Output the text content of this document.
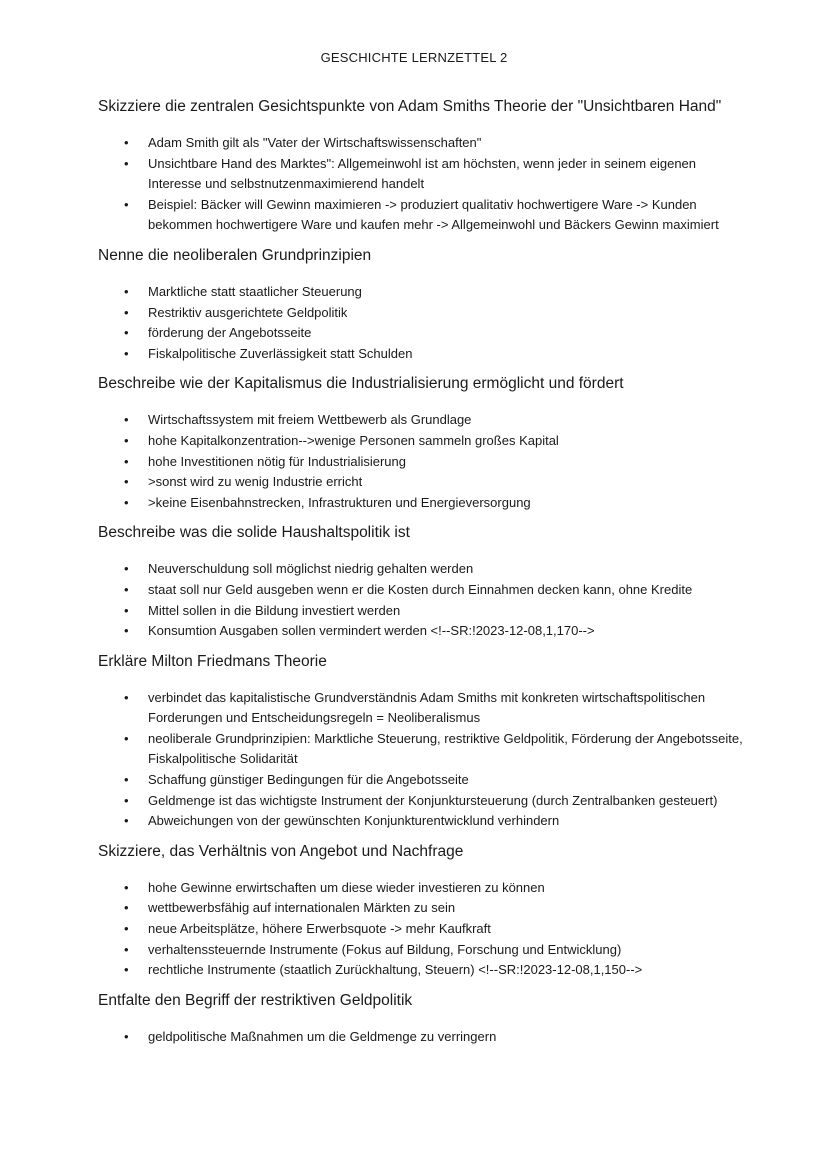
GESCHICHTE LERNZETTEL 2
Skizziere die zentralen Gesichtspunkte von Adam Smiths Theorie der "Unsichtbaren Hand"
• Adam Smith gilt als "Vater der Wirtschaftswissenschaften"
• Unsichtbare Hand des Marktes": Allgemeinwohl ist am höchsten, wenn jeder in seinem eigenen Interesse und selbstnutzenmaximierend handelt
• Beispiel: Bäcker will Gewinn maximieren -> produziert qualitativ hochwertigere Ware -> Kunden bekommen hochwertigere Ware und kaufen mehr -> Allgemeinwohl und Bäckers Gewinn maximiert
Nenne die neoliberalen Grundprinzipien
• Marktliche statt staatlicher Steuerung
• Restriktiv ausgerichtete Geldpolitik
• förderung der Angebotsseite
• Fiskalpolitische Zuverlässigkeit statt Schulden
Beschreibe wie der Kapitalismus die Industrialisierung ermöglicht und fördert
• Wirtschaftssystem mit freiem Wettbewerb als Grundlage
• hohe Kapitalkonzentration-->wenige Personen sammeln großes Kapital
• hohe Investitionen nötig für Industrialisierung
• >sonst wird zu wenig Industrie erricht
• >keine Eisenbahnstrecken, Infrastrukturen und Energieversorgung
Beschreibe was die solide Haushaltspolitik ist
• Neuverschuldung soll möglichst niedrig gehalten werden
• staat soll nur Geld ausgeben wenn er die Kosten durch Einnahmen decken kann, ohne Kredite
• Mittel sollen in die Bildung investiert werden
• Konsumtion Ausgaben sollen vermindert werden <!--SR:!2023-12-08,1,170-->
Erkläre Milton Friedmans Theorie
• verbindet das kapitalistische Grundverständnis Adam Smiths mit konkreten wirtschaftspolitischen Forderungen und Entscheidungsregeln = Neoliberalismus
• neoliberale Grundprinzipien: Marktliche Steuerung, restriktive Geldpolitik, Förderung der Angebotsseite, Fiskalpolitische Solidarität
• Schaffung günstiger Bedingungen für die Angebotsseite
• Geldmenge ist das wichtigste Instrument der Konjunktursteuerung (durch Zentralbanken gesteuert)
• Abweichungen von der gewünschten Konjunkturentwicklund verhindern
Skizziere, das Verhältnis von Angebot und Nachfrage
• hohe Gewinne erwirtschaften um diese wieder investieren zu können
• wettbewerbsfähig auf internationalen Märkten zu sein
• neue Arbeitsplätze, höhere Erwerbsquote -> mehr Kaufkraft
• verhaltenssteuernde Instrumente (Fokus auf Bildung, Forschung und Entwicklung)
• rechtliche Instrumente (staatlich Zurückhaltung, Steuern) <!--SR:!2023-12-08,1,150-->
Entfalte den Begriff der restriktiven Geldpolitik
• geldpolitische Maßnahmen um die Geldmenge zu verringern
